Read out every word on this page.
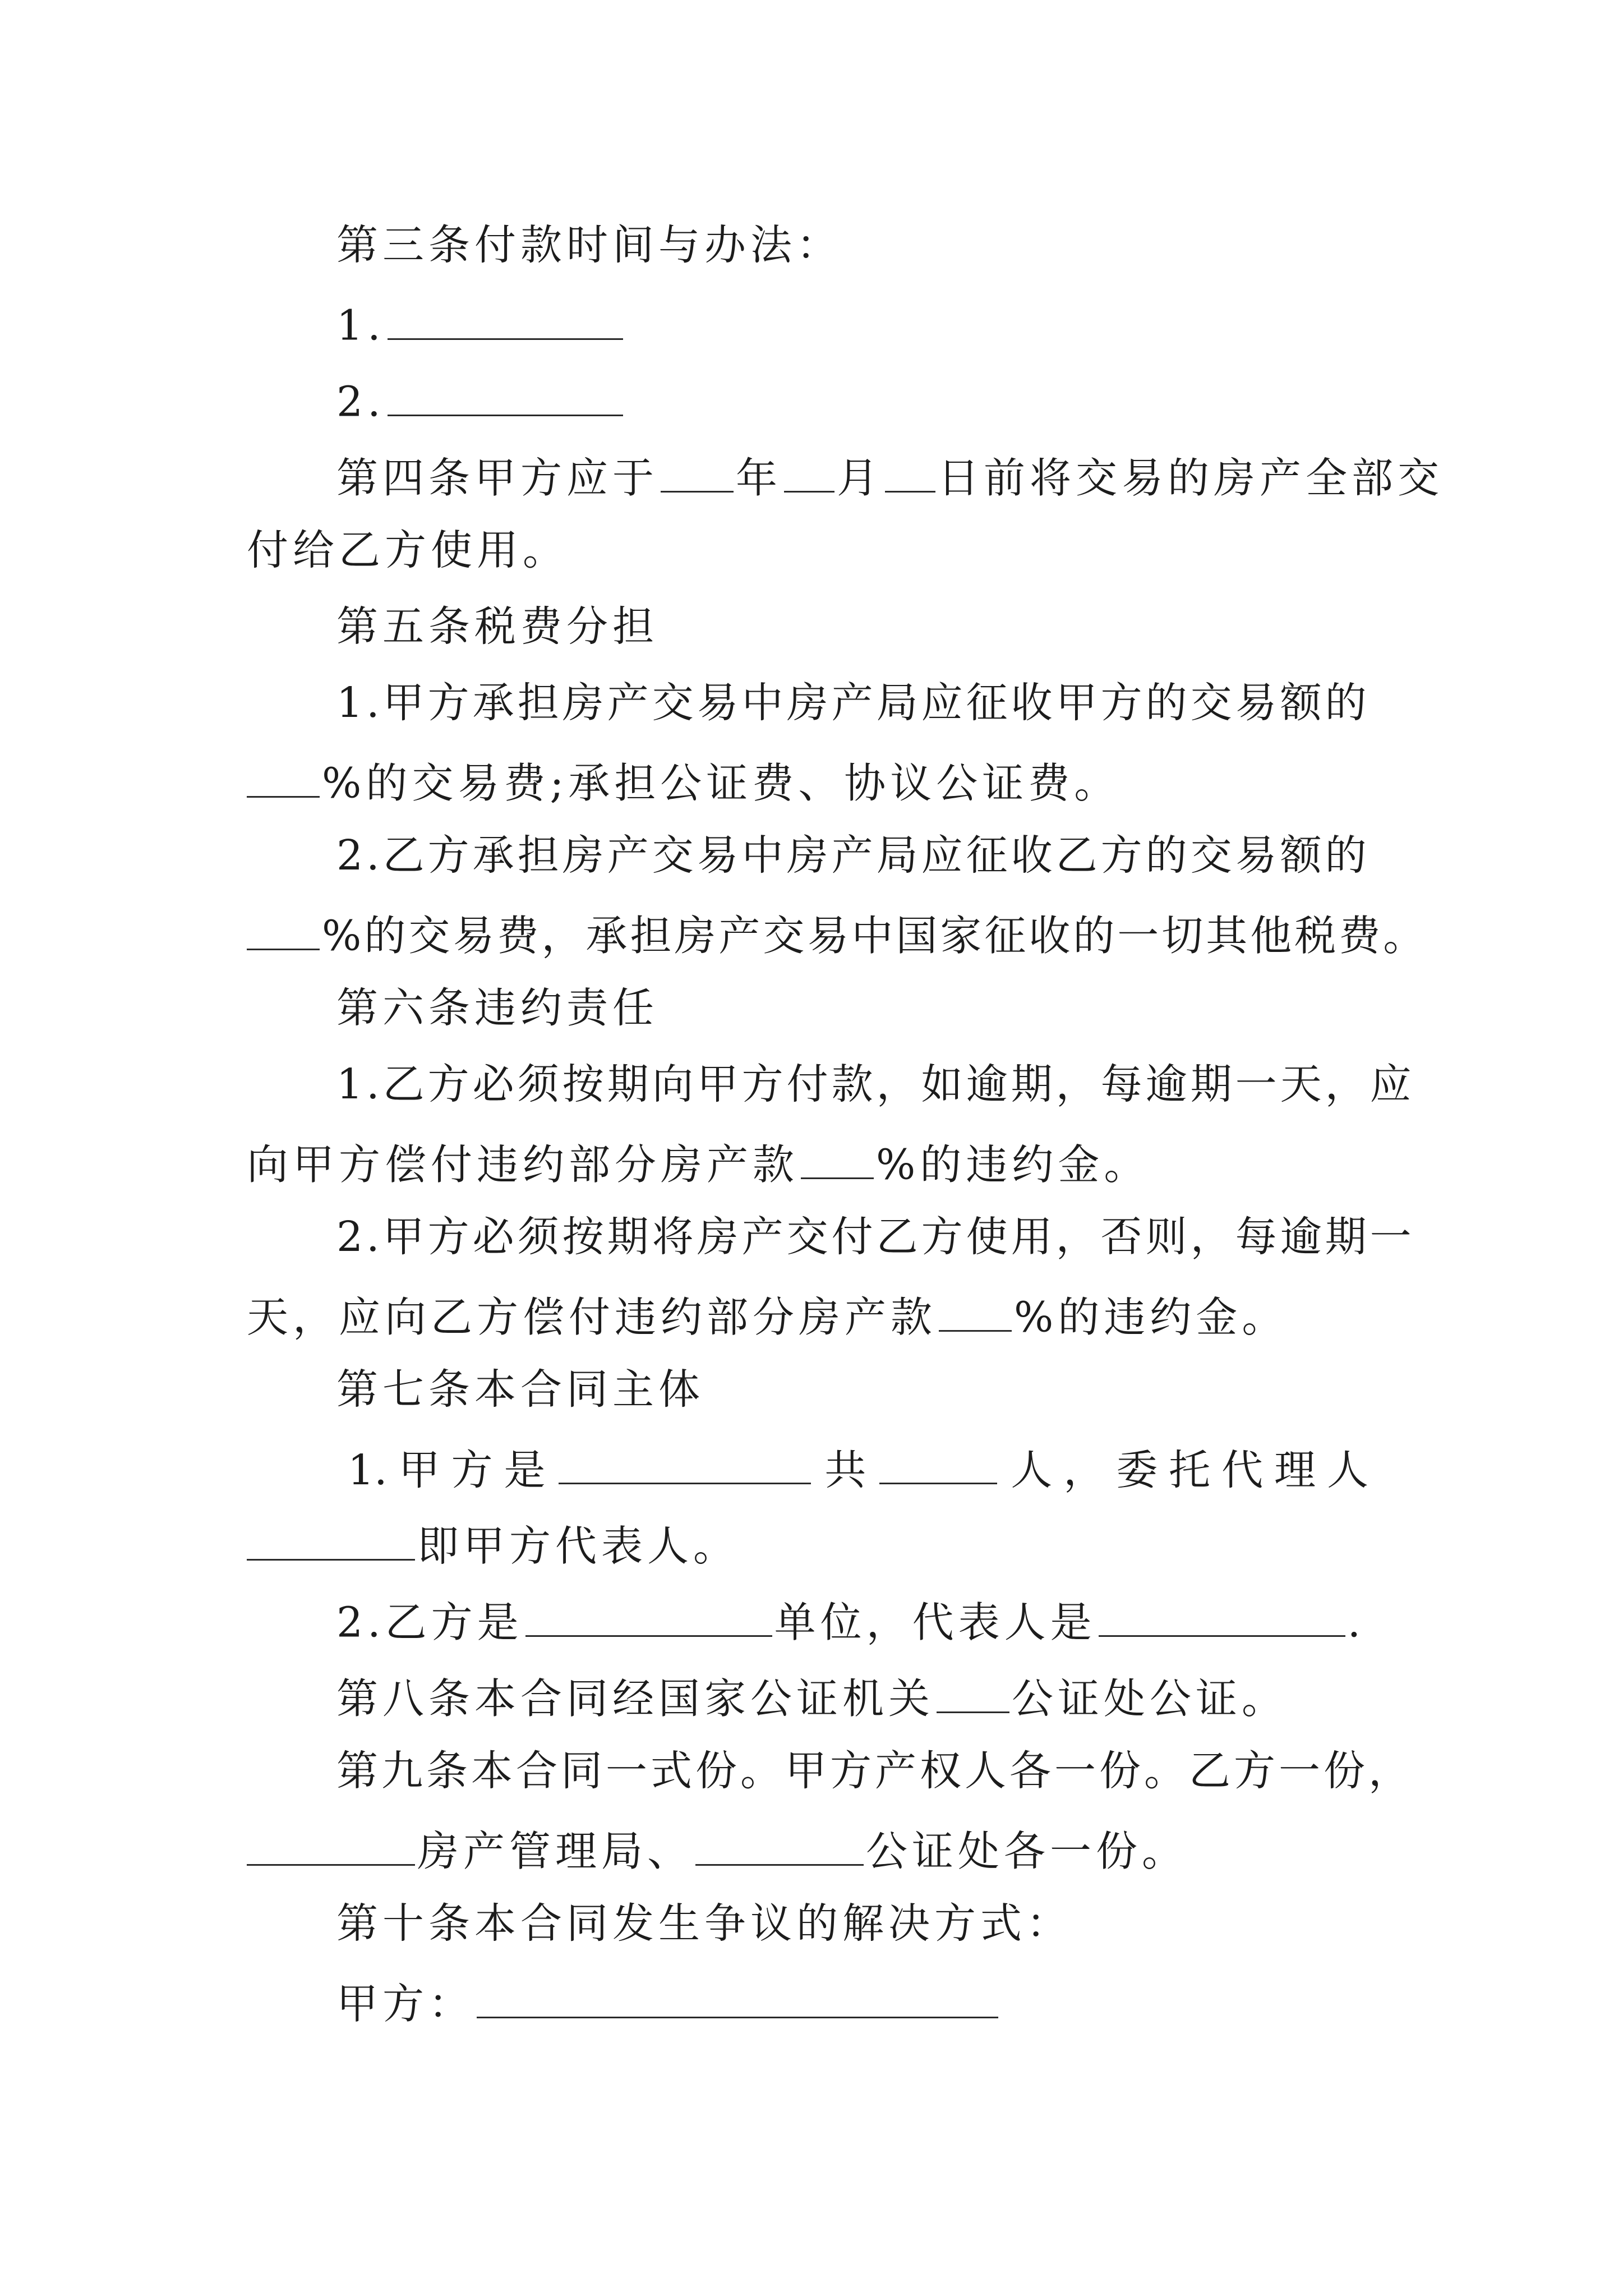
第三条付款时间与办法：
1.
2.
第四条甲方应于 年 月 日前将交易的房产全部交
付给乙方使用。
第五条税费分担
1.甲方承担房产交易中房产局应征收甲方的交易额的
%的交易费;承担公证费、协议公证费。
2.乙方承担房产交易中房产局应征收乙方的交易额的
%的交易费，承担房产交易中国家征收的一切其他税费。
第六条违约责任
1.乙方必须按期向甲方付款，如逾期，每逾期一天，应
向甲方偿付违约部分房产款 %的违约金。
2.甲方必须按期将房产交付乙方使用，否则，每逾期一
天，应向乙方偿付违约部分房产款 %的违约金。
第七条本合同主体
1. 甲 方 是	共	人 ， 委 托 代 理 人
即甲方代表人。
2.乙方是	单位，代表人是	.
第八条本合同经国家公证机关 公证处公证。
第九条本合同一式份。甲方产权人各一份。乙方一份，
房产管理局、	公证处各一份。
第十条本合同发生争议的解决方式：
甲方：
